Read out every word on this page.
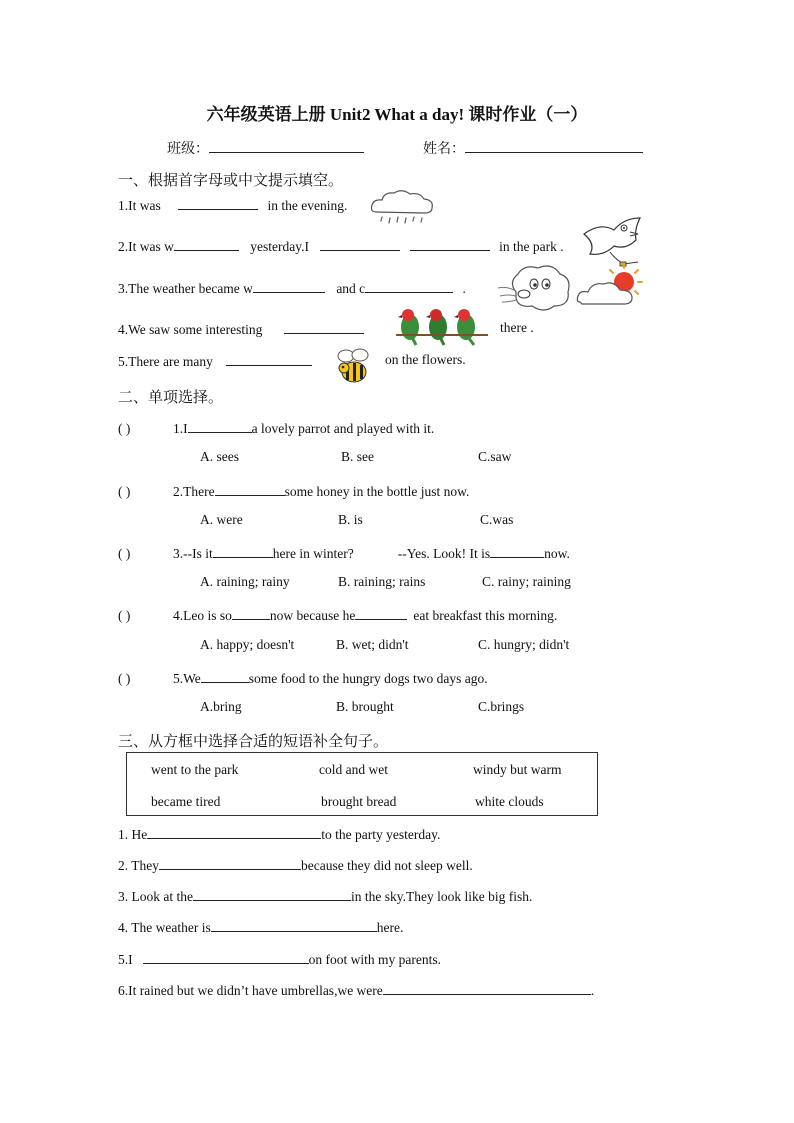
六年级英语上册 Unit2 What a day! 课时作业（一）
班级：	姓名：
一、根据首字母或中文提示填空。
1.It was	in the evening.
2.It was w	yesterday.I	in the park .
3.The weather became w	and c	.
4.We saw some interesting	there .
5.There are many	on the flowers.
二、单项选择。
( )	1.I	a lovely parrot and played with it.
A. sees	B. see	C.saw
( )	2.There	some honey in the bottle just now.
A. were	B. is	C.was
( )	3.--Is it	here in winter?	--Yes. Look! It is	now.
A. raining; rainy	B. raining; rains	C. rainy; raining
( )	4.Leo is so	now because he	eat breakfast this morning.
A. happy; doesn't	B. wet; didn't	C. hungry; didn't
( )	5.We	some food to the hungry dogs two days ago.
A.bring	B. brought	C.brings
三、从方框中选择合适的短语补全句子。
went to the park	cold and wet	windy but warm
became tired	brought bread	white clouds
1. He	to the party yesterday.
2. They	because they did not sleep well.
3. Look at the	in the sky.They look like big fish.
4. The weather is	here.
5.I	on foot with my parents.
6.It rained but we didn’t have umbrellas,we were	.
